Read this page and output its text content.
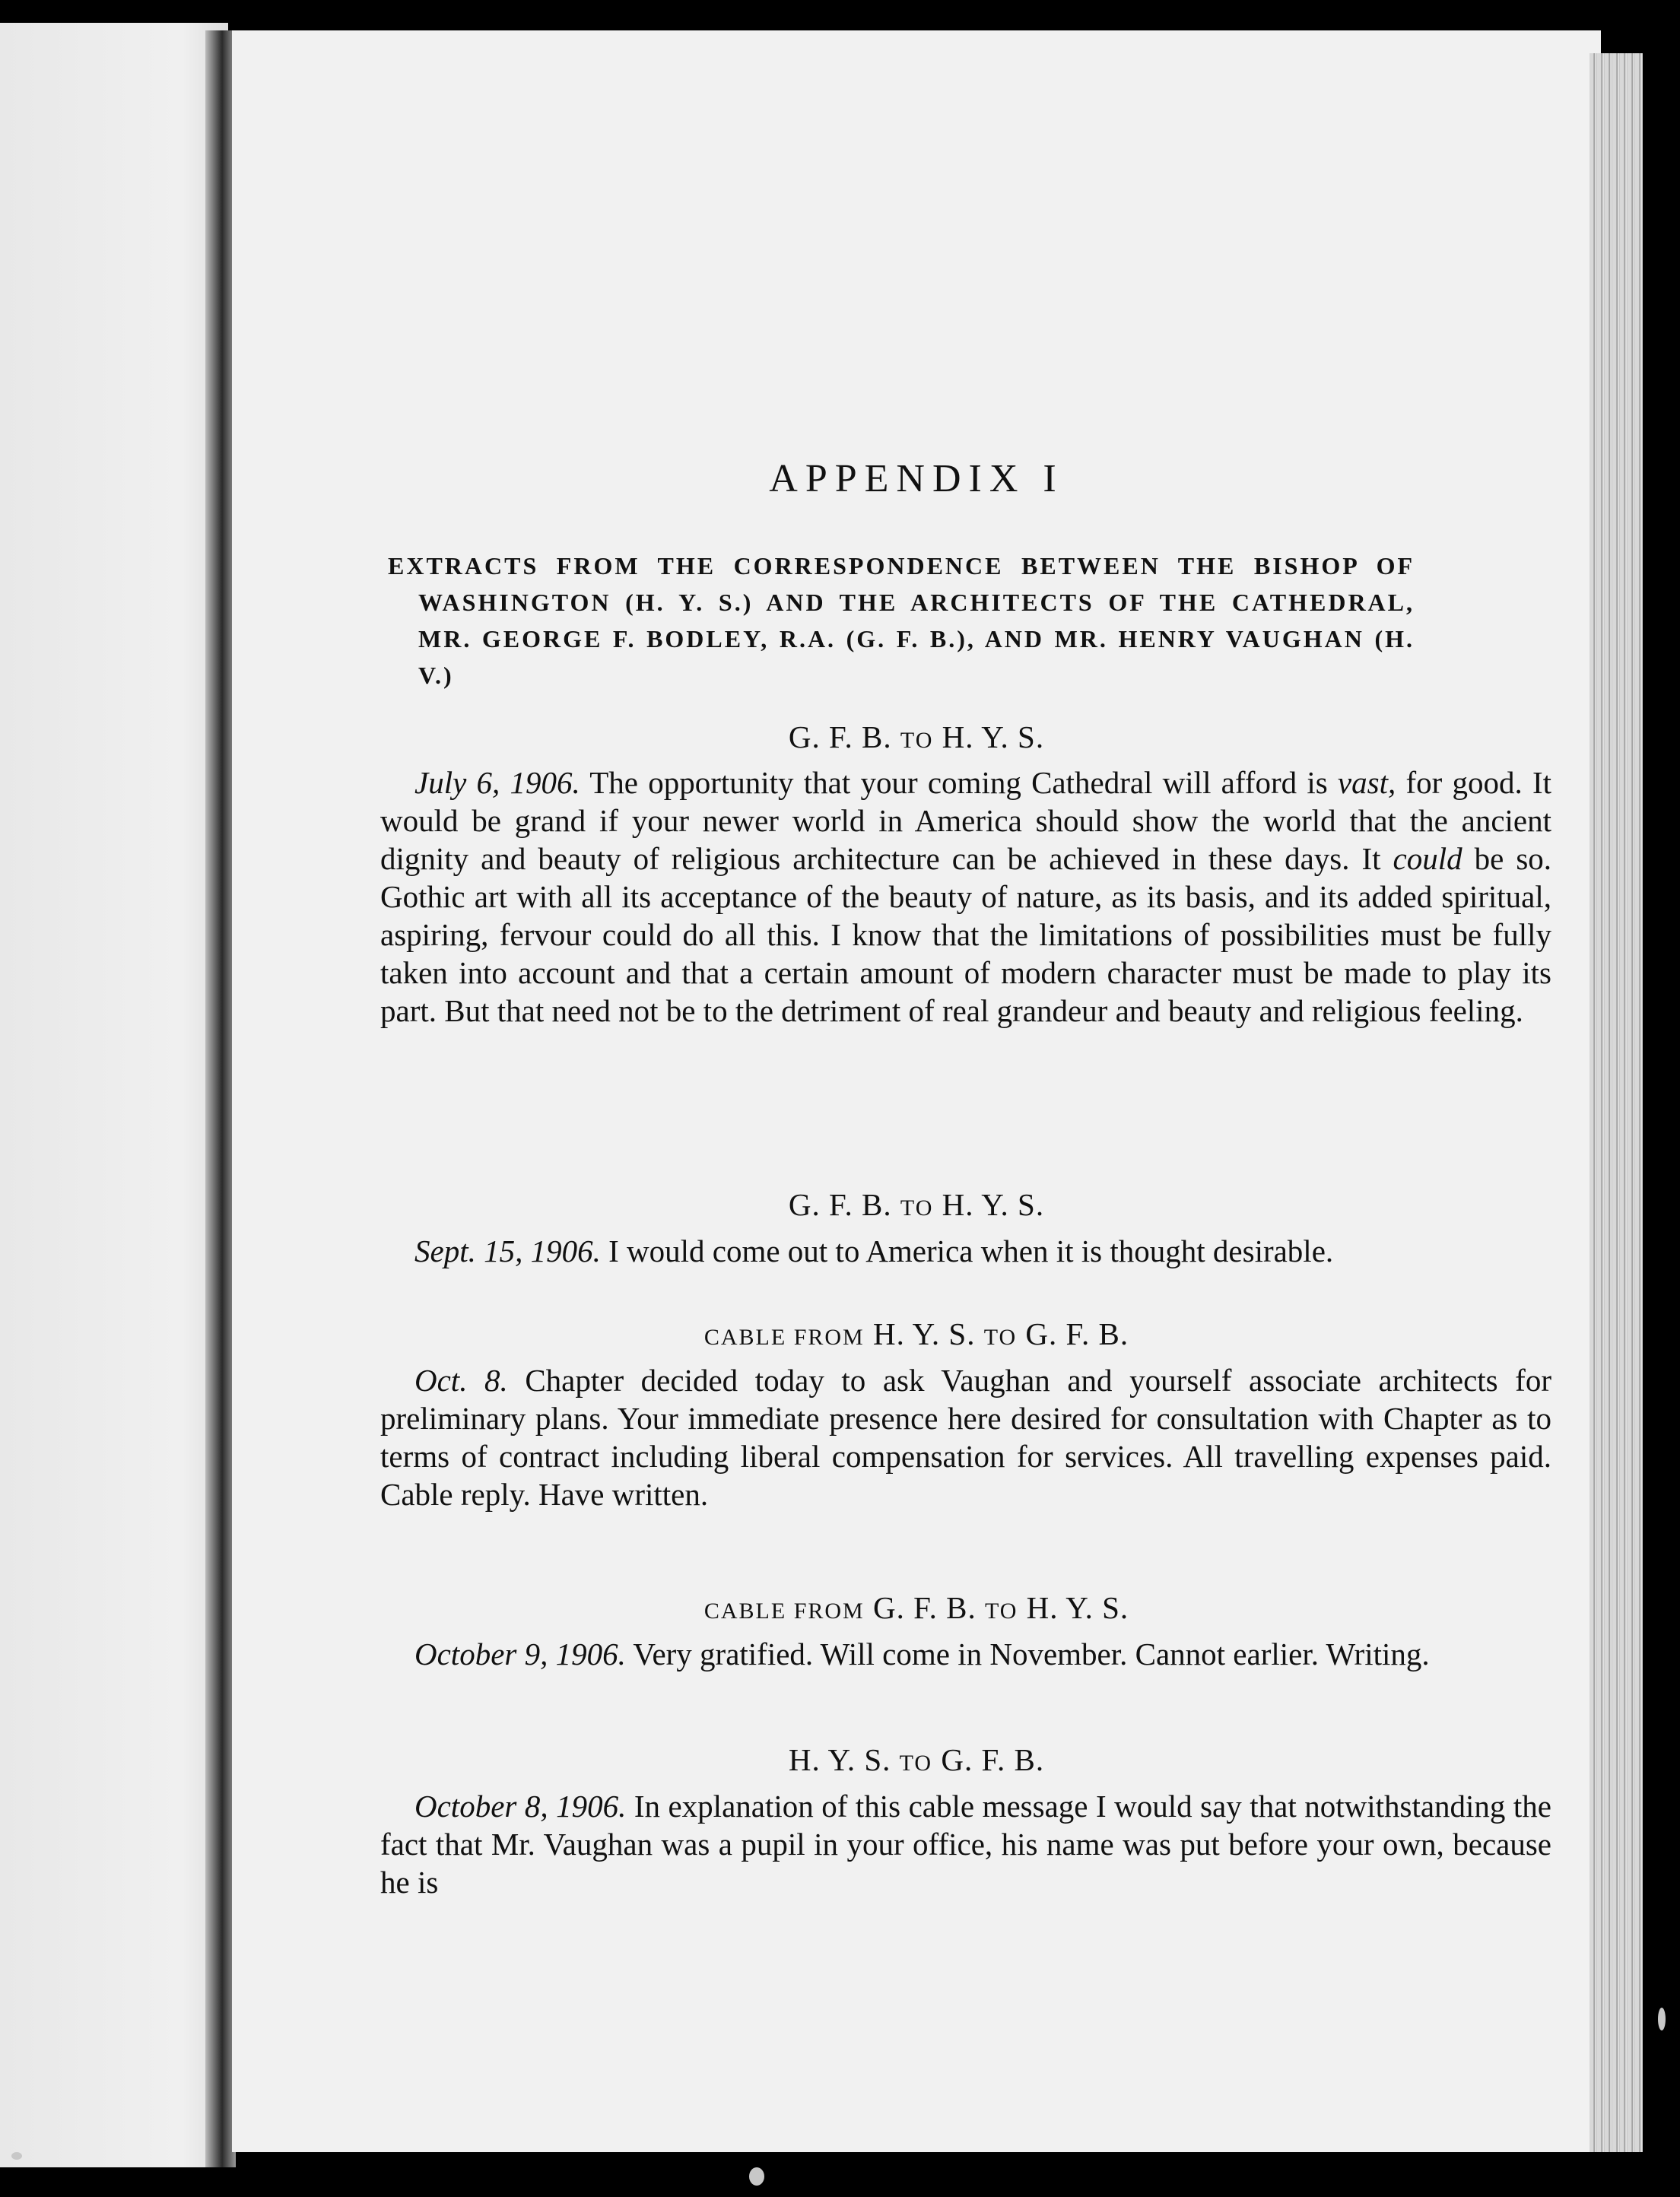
APPENDIX I

EXTRACTS FROM THE CORRESPONDENCE BETWEEN THE BISHOP OF WASHINGTON (H. Y. S.) AND THE ARCHITECTS OF THE CATHEDRAL, MR. GEORGE F. BODLEY, R.A. (G. F. B.), AND MR. HENRY VAUGHAN (H. V.)

G. F. B. TO H. Y. S.

July 6, 1906. The opportunity that your coming Cathedral will afford is vast, for good. It would be grand if your newer world in America should show the world that the ancient dignity and beauty of religious architecture can be achieved in these days. It could be so. Gothic art with all its acceptance of the beauty of nature, as its basis, and its added spiritual, aspiring, fervour could do all this. I know that the limitations of possibilities must be fully taken into account and that a certain amount of modern character must be made to play its part. But that need not be to the detriment of real grandeur and beauty and religious feeling.

G. F. B. TO H. Y. S.

Sept. 15, 1906. I would come out to America when it is thought desirable.

CABLE FROM H. Y. S. TO G. F. B.

Oct. 8. Chapter decided today to ask Vaughan and yourself associate architects for preliminary plans. Your immediate presence here desired for consultation with Chapter as to terms of contract including liberal compensation for services. All travelling expenses paid. Cable reply. Have written.

CABLE FROM G. F. B. TO H. Y. S.

October 9, 1906. Very gratified. Will come in November. Cannot earlier. Writing.

H. Y. S. TO G. F. B.

October 8, 1906. In explanation of this cable message I would say that notwithstanding the fact that Mr. Vaughan was a pupil in your office, his name was put before your own, because he is
